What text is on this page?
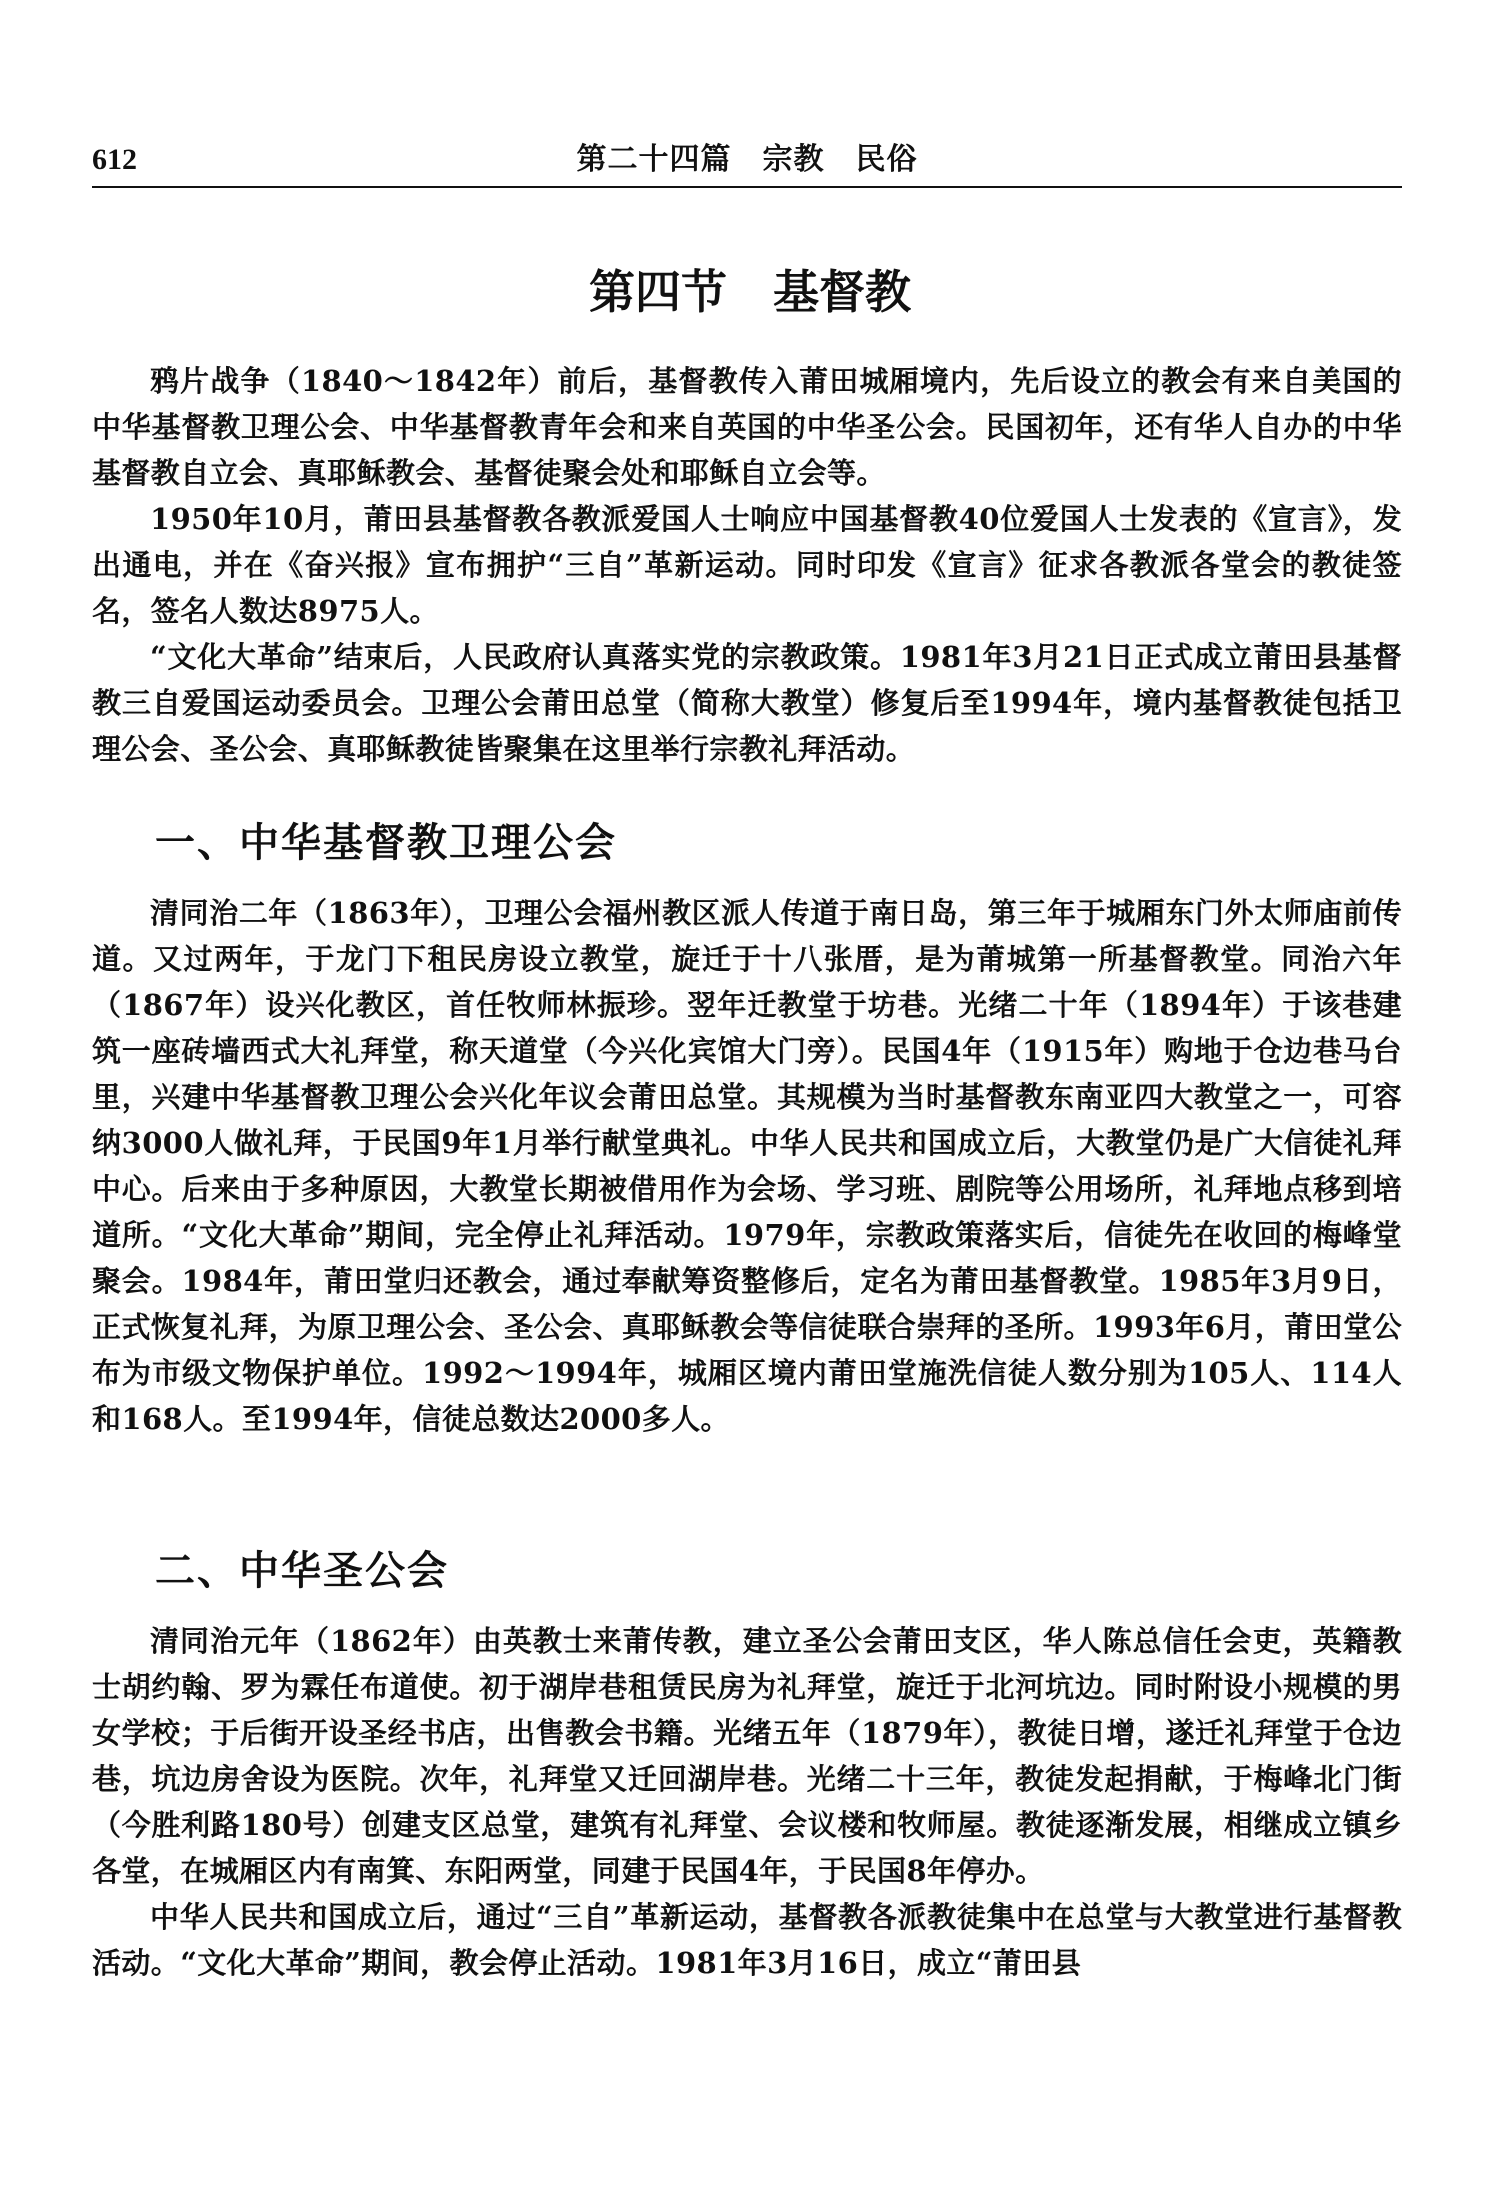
612	第二十四篇　宗教　民俗
第四节　基督教

鸦片战争（1840～1842年）前后，基督教传入莆田城厢境内，先后设立的教会有来自美国的中华基督教卫理公会、中华基督教青年会和来自英国的中华圣公会。民国初年，还有华人自办的中华基督教自立会、真耶稣教会、基督徒聚会处和耶稣自立会等。

1950年10月，莆田县基督教各教派爱国人士响应中国基督教40位爱国人士发表的《宣言》，发出通电，并在《奋兴报》宣布拥护“三自”革新运动。同时印发《宣言》征求各教派各堂会的教徒签名，签名人数达8975人。

“文化大革命”结束后，人民政府认真落实党的宗教政策。1981年3月21日正式成立莆田县基督教三自爱国运动委员会。卫理公会莆田总堂（简称大教堂）修复后至1994年，境内基督教徒包括卫理公会、圣公会、真耶稣教徒皆聚集在这里举行宗教礼拜活动。

一、中华基督教卫理公会

清同治二年（1863年），卫理公会福州教区派人传道于南日岛，第三年于城厢东门外太师庙前传道。又过两年，于龙门下租民房设立教堂，旋迁于十八张厝，是为莆城第一所基督教堂。同治六年（1867年）设兴化教区，首任牧师林振珍。翌年迁教堂于坊巷。光绪二十年（1894年）于该巷建筑一座砖墙西式大礼拜堂，称天道堂（今兴化宾馆大门旁）。民国4年（1915年）购地于仓边巷马台里，兴建中华基督教卫理公会兴化年议会莆田总堂。其规模为当时基督教东南亚四大教堂之一，可容纳3000人做礼拜，于民国9年1月举行献堂典礼。中华人民共和国成立后，大教堂仍是广大信徒礼拜中心。后来由于多种原因，大教堂长期被借用作为会场、学习班、剧院等公用场所，礼拜地点移到培道所。“文化大革命”期间，完全停止礼拜活动。1979年，宗教政策落实后，信徒先在收回的梅峰堂聚会。1984年，莆田堂归还教会，通过奉献筹资整修后，定名为莆田基督教堂。1985年3月9日，正式恢复礼拜，为原卫理公会、圣公会、真耶稣教会等信徒联合崇拜的圣所。1993年6月，莆田堂公布为市级文物保护单位。1992～1994年，城厢区境内莆田堂施洗信徒人数分别为105人、114人和168人。至1994年，信徒总数达2000多人。

二、中华圣公会

清同治元年（1862年）由英教士来莆传教，建立圣公会莆田支区，华人陈总信任会吏，英籍教士胡约翰、罗为霖任布道使。初于湖岸巷租赁民房为礼拜堂，旋迁于北河坑边。同时附设小规模的男女学校；于后街开设圣经书店，出售教会书籍。光绪五年（1879年），教徒日增，遂迁礼拜堂于仓边巷，坑边房舍设为医院。次年，礼拜堂又迁回湖岸巷。光绪二十三年，教徒发起捐献，于梅峰北门街（今胜利路180号）创建支区总堂，建筑有礼拜堂、会议楼和牧师屋。教徒逐渐发展，相继成立镇乡各堂，在城厢区内有南箕、东阳两堂，同建于民国4年，于民国8年停办。

中华人民共和国成立后，通过“三自”革新运动，基督教各派教徒集中在总堂与大教堂进行基督教活动。“文化大革命”期间，教会停止活动。1981年3月16日，成立“莆田县
